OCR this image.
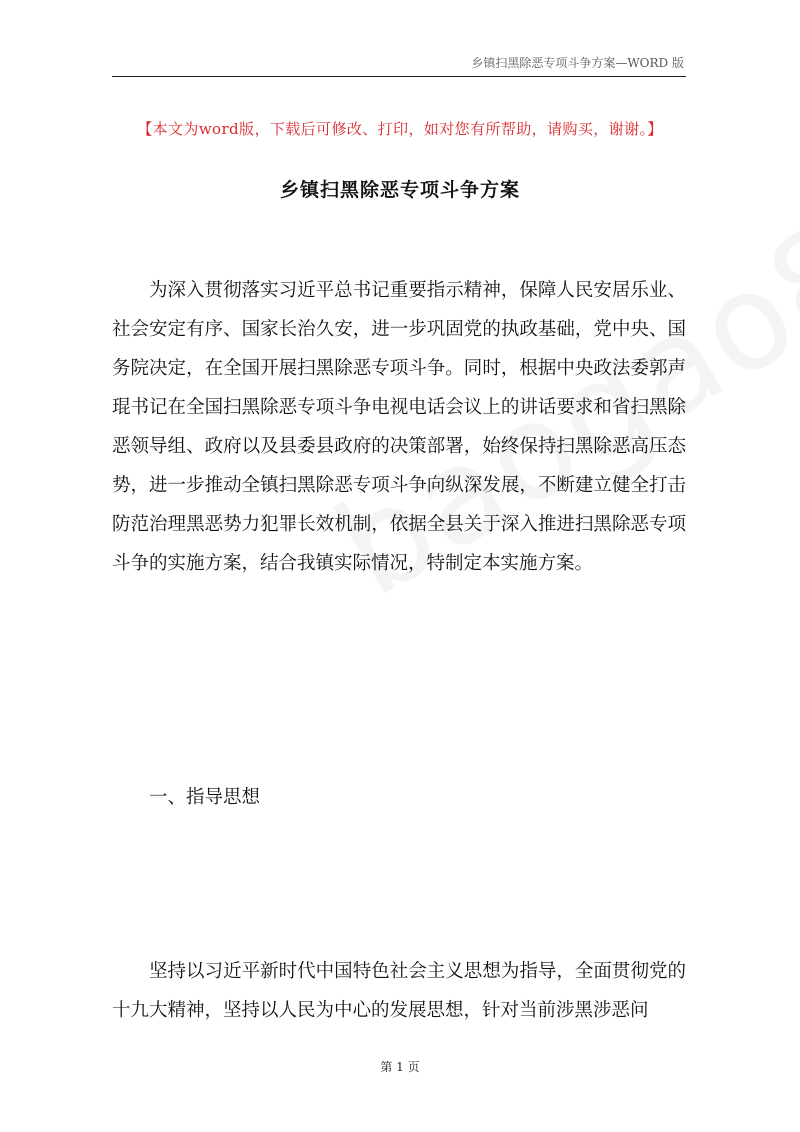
乡镇扫黑除恶专项斗争方案—WORD 版
【本文为word版，下载后可修改、打印，如对您有所帮助，请购买，谢谢。】
乡镇扫黑除恶专项斗争方案

为深入贯彻落实习近平总书记重要指示精神，保障人民安居乐业、社会安定有序、国家长治久安，进一步巩固党的执政基础，党中央、国务院决定，在全国开展扫黑除恶专项斗争。同时，根据中央政法委郭声琨书记在全国扫黑除恶专项斗争电视电话会议上的讲话要求和省扫黑除恶领导组、政府以及县委县政府的决策部署，始终保持扫黑除恶高压态势，进一步推动全镇扫黑除恶专项斗争向纵深发展，不断建立健全打击防范治理黑恶势力犯罪长效机制，依据全县关于深入推进扫黑除恶专项斗争的实施方案，结合我镇实际情况，特制定本实施方案。

一、指导思想

坚持以习近平新时代中国特色社会主义思想为指导，全面贯彻党的十九大精神，坚持以人民为中心的发展思想，针对当前涉黑涉恶问

第 1 页
